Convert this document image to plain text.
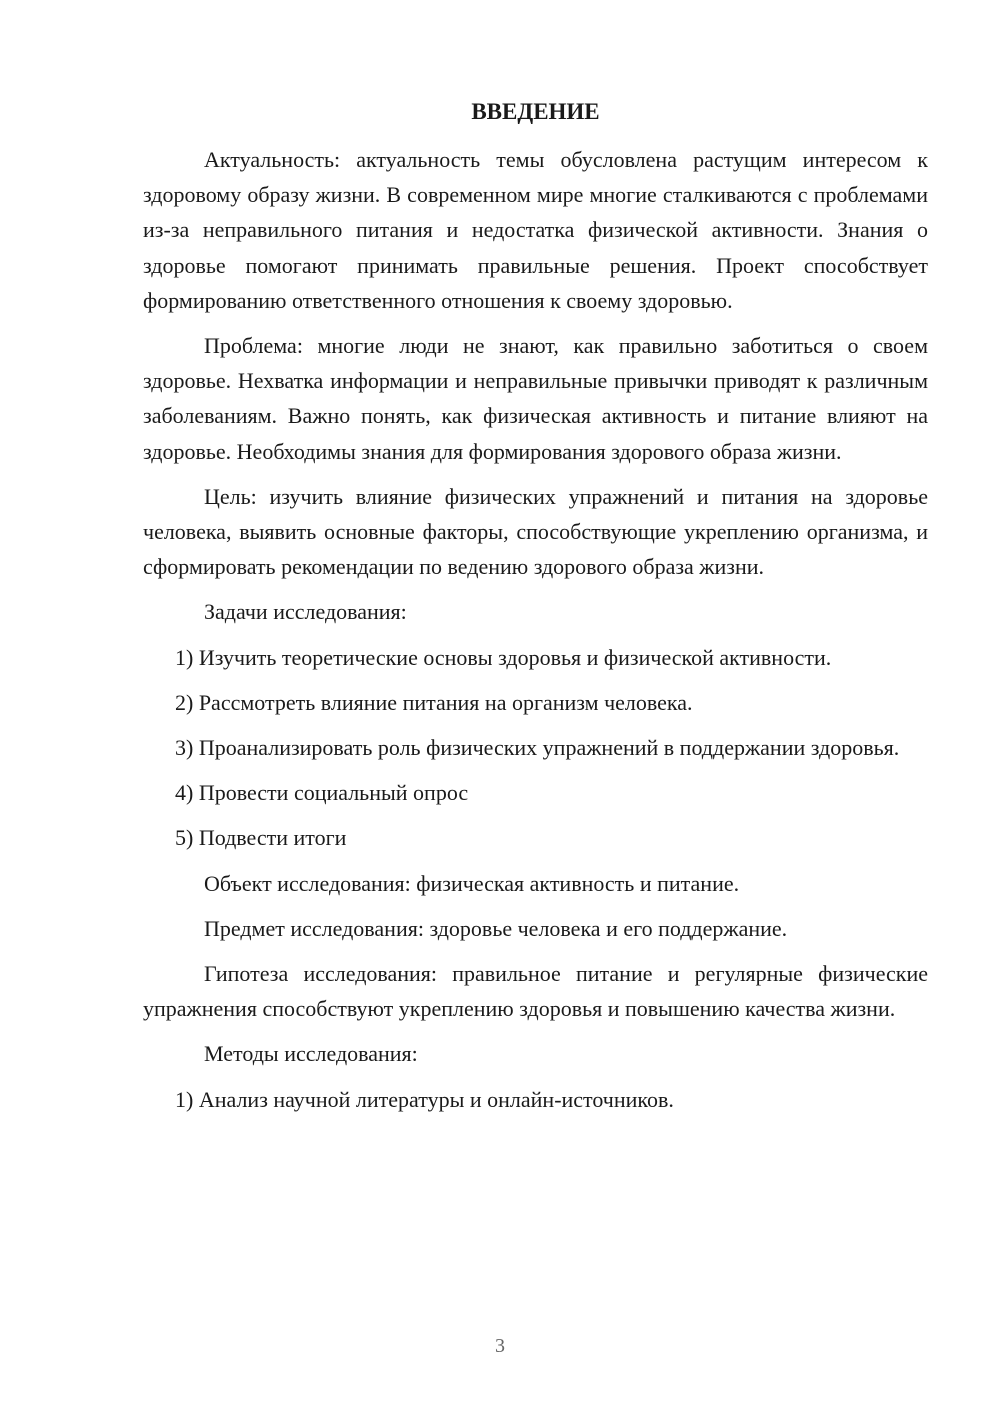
ВВЕДЕНИЕ

Актуальность: актуальность темы обусловлена растущим интересом к здоровому образу жизни. В современном мире многие сталкиваются с проблемами из-за неправильного питания и недостатка физической активности. Знания о здоровье помогают принимать правильные решения. Проект способствует формированию ответственного отношения к своему здоровью.

Проблема: многие люди не знают, как правильно заботиться о своем здоровье. Нехватка информации и неправильные привычки приводят к различным заболеваниям. Важно понять, как физическая активность и питание влияют на здоровье. Необходимы знания для формирования здорового образа жизни.

Цель: изучить влияние физических упражнений и питания на здоровье человека, выявить основные факторы, способствующие укреплению организма, и сформировать рекомендации по ведению здорового образа жизни.

Задачи исследования:

1) Изучить теоретические основы здоровья и физической активности.

2) Рассмотреть влияние питания на организм человека.

3) Проанализировать роль физических упражнений в поддержании здоровья.

4) Провести социальный опрос

5) Подвести итоги

Объект исследования: физическая активность и питание.

Предмет исследования: здоровье человека и его поддержание.

Гипотеза исследования: правильное питание и регулярные физические упражнения способствуют укреплению здоровья и повышению качества жизни.

Методы исследования:

1) Анализ научной литературы и онлайн-источников.

3
